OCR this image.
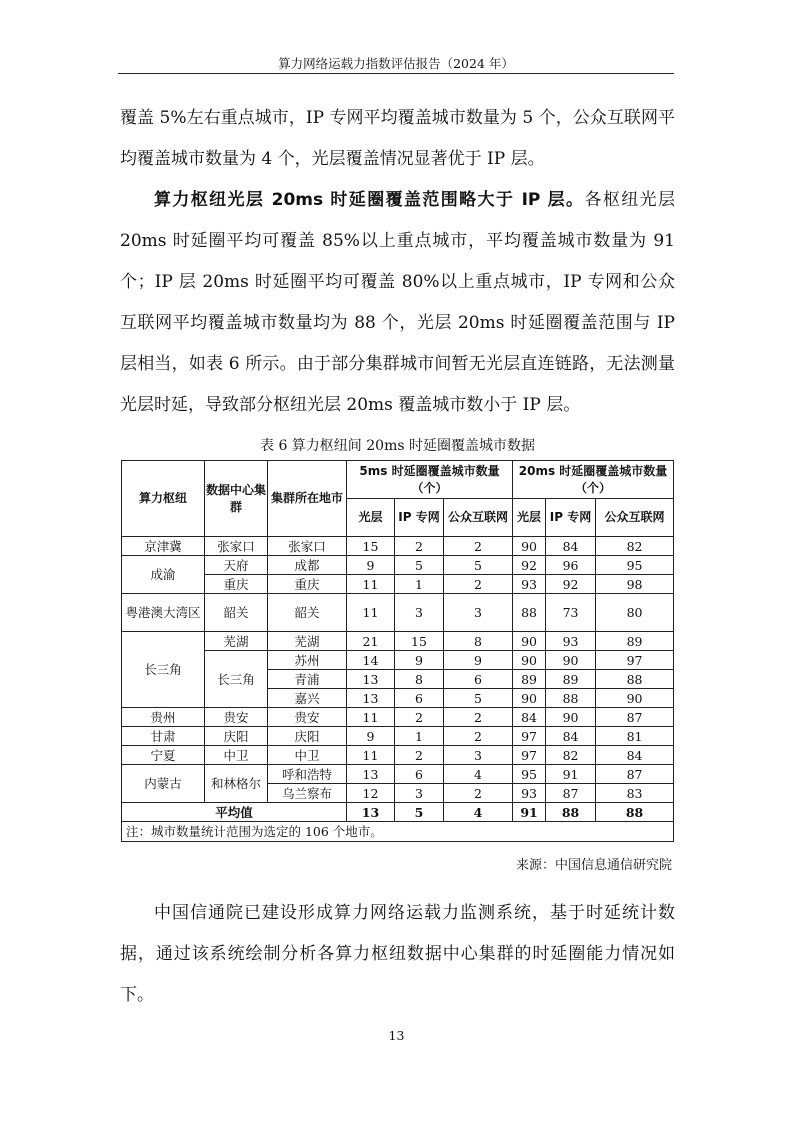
算力网络运载力指数评估报告（2024 年）

覆盖 5%左右重点城市，IP 专网平均覆盖城市数量为 5 个，公众互联网平均覆盖城市数量为 4 个，光层覆盖情况显著优于 IP 层。

算力枢纽光层 20ms 时延圈覆盖范围略大于 IP 层。各枢纽光层 20ms 时延圈平均可覆盖 85%以上重点城市，平均覆盖城市数量为 91 个；IP 层 20ms 时延圈平均可覆盖 80%以上重点城市，IP 专网和公众互联网平均覆盖城市数量均为 88 个，光层 20ms 时延圈覆盖范围与 IP 层相当，如表 6 所示。由于部分集群城市间暂无光层直连链路，无法测量光层时延，导致部分枢纽光层 20ms 覆盖城市数小于 IP 层。

表 6 算力枢纽间 20ms 时延圈覆盖城市数据
算力枢纽	数据中心集群	集群所在地市	5ms 时延圈覆盖城市数量（个）			20ms 时延圈覆盖城市数量（个）		
			光层	IP 专网	公众互联网	光层	IP 专网	公众互联网
京津冀	张家口	张家口	15	2	2	90	84	82
成渝	天府	成都	9	5	5	92	96	95
	重庆	重庆	11	1	2	93	92	98
粤港澳大湾区	韶关	韶关	11	3	3	88	73	80
长三角	芜湖	芜湖	21	15	8	90	93	89
	长三角	苏州	14	9	9	90	90	97
		青浦	13	8	6	89	89	88
		嘉兴	13	6	5	90	88	90
贵州	贵安	贵安	11	2	2	84	90	87
甘肃	庆阳	庆阳	9	1	2	97	84	81
宁夏	中卫	中卫	11	2	3	97	82	84
内蒙古	和林格尔	呼和浩特	13	6	4	95	91	87
		乌兰察布	12	3	2	93	87	83
平均值			13	5	4	91	88	88
注：城市数量统计范围为选定的 106 个地市。								
来源：中国信息通信研究院

中国信通院已建设形成算力网络运载力监测系统，基于时延统计数据，通过该系统绘制分析各算力枢纽数据中心集群的时延圈能力情况如下。

13
